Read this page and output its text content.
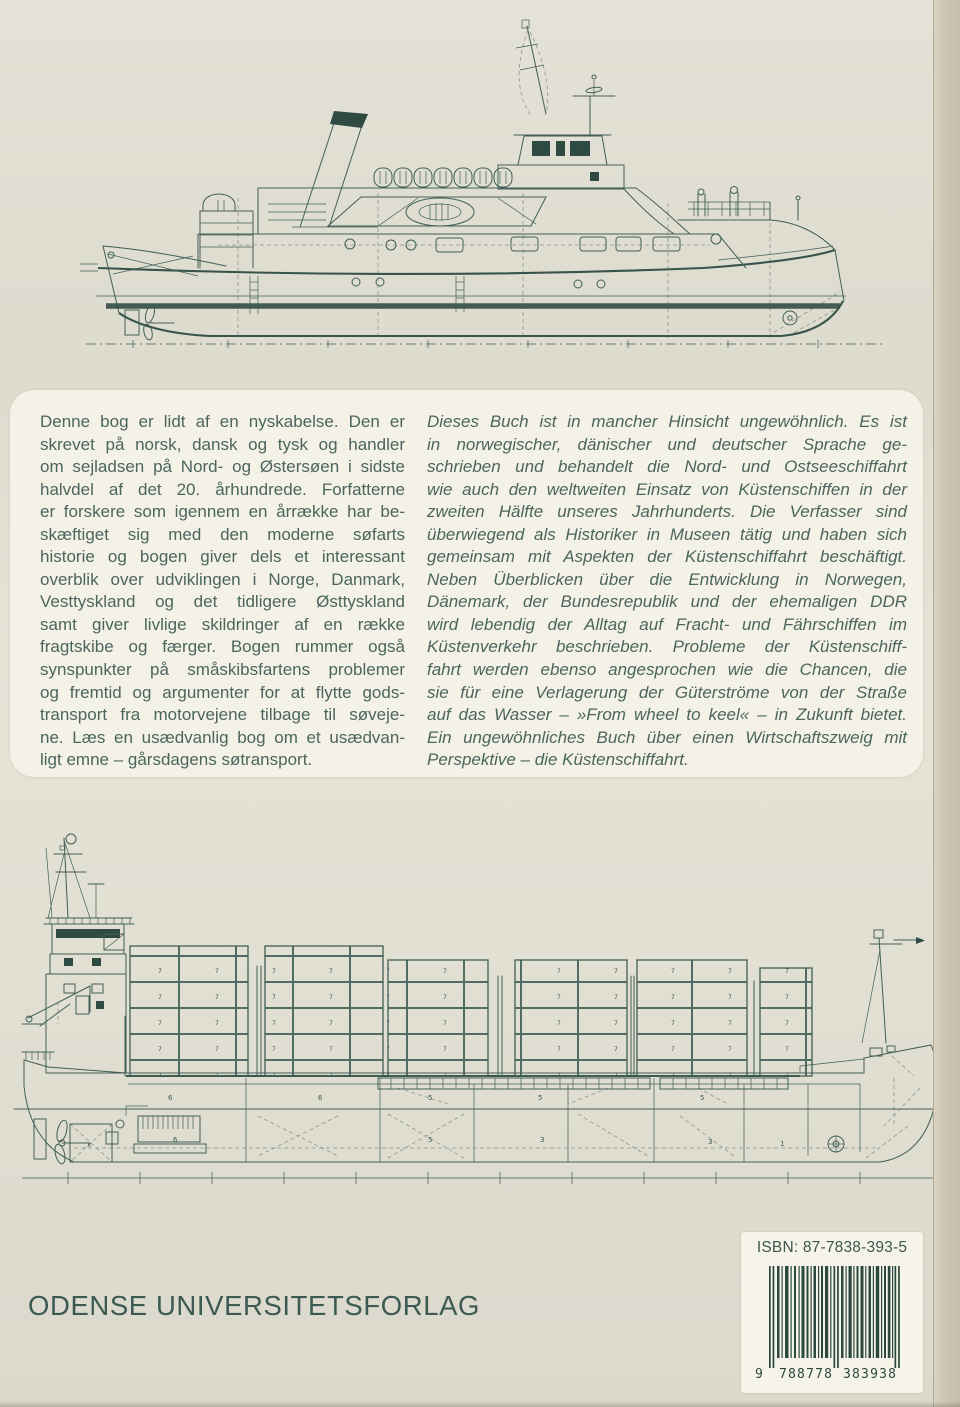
Denne bog er lidt af en nyskabelse. Den er
skrevet på norsk, dansk og tysk og handler
om sejladsen på Nord- og Østersøen i sidste
halvdel af det 20. århundrede. Forfatterne
er forskere som igennem en årrække har be-
skæftiget sig med den moderne søfarts
historie og bogen giver dels et interessant
overblik over udviklingen i Norge, Danmark,
Vesttyskland og det tidligere Østtyskland
samt giver livlige skildringer af en række
fragtskibe og færger. Bogen rummer også
synspunkter på småskibsfartens problemer
og fremtid og argumenter for at flytte gods-
transport fra motorvejene tilbage til søveje-
ne. Læs en usædvanlig bog om et usædvan-
ligt emne – gårsdagens søtransport.
Dieses Buch ist in mancher Hinsicht ungewöhnlich. Es ist
in norwegischer, dänischer und deutscher Sprache ge-
schrieben und behandelt die Nord- und Ostseeschiffahrt
wie auch den weltweiten Einsatz von Küstenschiffen in der
zweiten Hälfte unseres Jahrhunderts. Die Verfasser sind
überwiegend als Historiker in Museen tätig und haben sich
gemeinsam mit Aspekten der Küstenschiffahrt beschäftigt.
Neben Überblicken über die Entwicklung in Norwegen,
Dänemark, der Bundesrepublik und der ehemaligen DDR
wird lebendig der Alltag auf Fracht- und Fährschiffen im
Küstenverkehr beschrieben. Probleme der Küstenschiff-
fahrt werden ebenso angesprochen wie die Chancen, die
sie für eine Verlagerung der Güterströme von der Straße
auf das Wasser – »From wheel to keel« – in Zukunft bietet.
Ein ungewöhnliches Buch über einen Wirtschaftszweig mit
Perspektive – die Küstenschiffahrt.
6	6	5	5	5
6	5	3	3	1
x
ODENSE UNIVERSITETSFORLAG
ISBN: 87-7838-393-5
9 788778 383938
